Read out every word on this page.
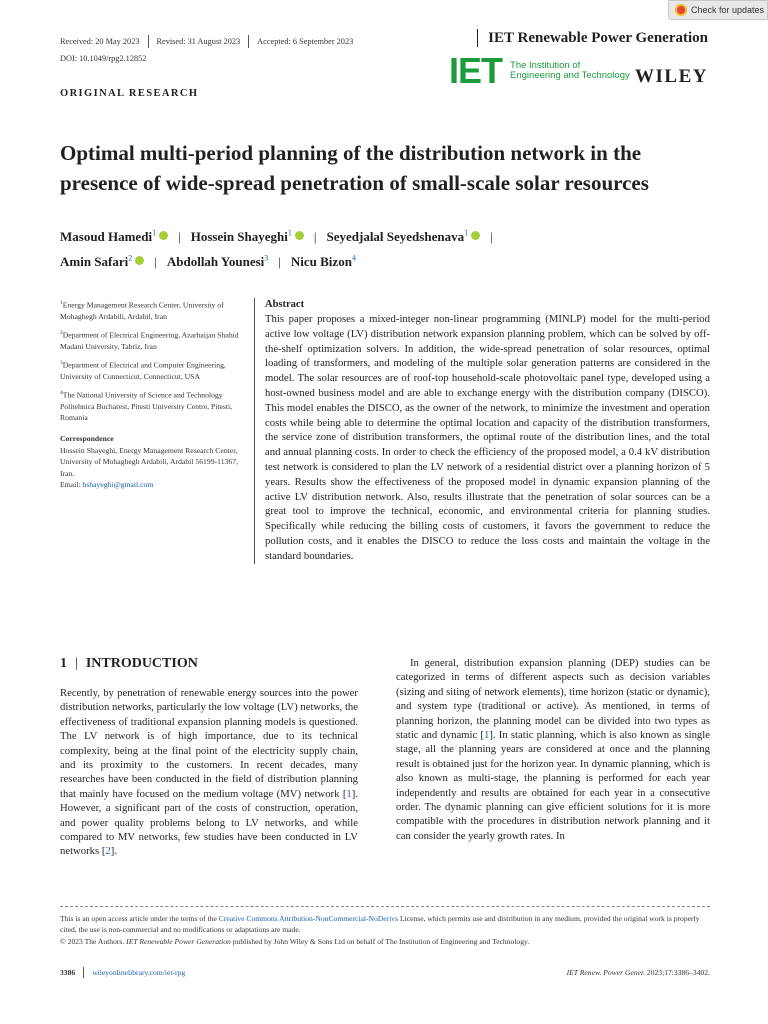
Check for updates
Received: 20 May 2023	Revised: 31 August 2023	Accepted: 6 September 2023
DOI: 10.1049/rpg2.12852
IET Renewable Power Generation
IET The Institution of
Engineering and Technology WILEY
ORIGINAL RESEARCH
Optimal multi-period planning of the distribution network in the presence of wide-spread penetration of small-scale solar resources
Masoud Hamedi$^1$ | Hossein Shayeghi$^1$ | Seyedjalal Seyedshenava$^1$ |
Amin Safari$^2$ | Abdollah Younesi$^3$ | Nicu Bizon$^4$
$^1$Energy Management Research Center, University of Mohaghegh Ardabili, Ardabil, Iran
$^2$Department of Electrical Engineering, Azarbaijan Shahid Madani University, Tabriz, Iran
$^3$Department of Electrical and Computer Engineering, University of Connecticut, Connecticut, USA
$^4$The National University of Science and Technology Politehnica Bucharest, Pitesti University Centre, Pitesti, Romania
Correspondence
Hossein Shayeghi, Energy Management Research Center, University of Mohaghegh Ardabili, Ardabil 56199-11367, Iran.
Email: hshayeghi@gmail.com
Abstract

This paper proposes a mixed-integer non-linear programming (MINLP) model for the multi-period active low voltage (LV) distribution network expansion planning problem, which can be solved by off-the-shelf optimization solvers. In addition, the wide-spread penetration of solar resources, optimal loading of transformers, and modeling of the multiple solar generation patterns are considered in the model. The solar resources are of roof-top household-scale photovoltaic panel type, developed using a host-owned business model and are able to exchange energy with the distribution company (DISCO). This model enables the DISCO, as the owner of the network, to minimize the investment and operation costs while being able to determine the optimal location and capacity of the distribution transformers, the service zone of distribution transformers, the optimal route of the distribution lines, and the total and annual planning costs. In order to check the efficiency of the proposed model, a 0.4 kV distribution test network is considered to plan the LV network of a residential district over a planning horizon of 5 years. Results show the effectiveness of the proposed model in dynamic expansion planning of the active LV distribution network. Also, results illustrate that the penetration of solar sources can be a great tool to improve the technical, economic, and environmental criteria for planning studies. Specifically while reducing the billing costs of customers, it favors the government to reduce the pollution costs, and it enables the DISCO to reduce the loss costs and maintain the voltage in the standard boundaries.

1 | INTRODUCTION

Recently, by penetration of renewable energy sources into the power distribution networks, particularly the low voltage (LV) networks, the effectiveness of traditional expansion planning models is questioned. The LV network is of high importance, due to its technical complexity, being at the final point of the electricity supply chain, and its proximity to the customers. In recent decades, many researches have been conducted in the field of distribution planning that mainly have focused on the medium voltage (MV) network [1]. However, a significant part of the costs of construction, operation, and power quality problems belong to LV networks, and while compared to MV networks, few studies have been conducted in LV networks [2].

In general, distribution expansion planning (DEP) studies can be categorized in terms of different aspects such as decision variables (sizing and siting of network elements), time horizon (static or dynamic), and system type (traditional or active). As mentioned, in terms of planning horizon, the planning model can be divided into two types as static and dynamic [1]. In static planning, which is also known as single stage, all the planning years are considered at once and the planning result is obtained just for the horizon year. In dynamic planning, which is also known as multi-stage, the planning is performed for each year independently and results are obtained for each year in a consecutive order. The dynamic planning can give efficient solutions for it is more compatible with the procedures in distribution network planning and it can consider the yearly growth rates. In

This is an open access article under the terms of the Creative Commons Attribution-NonCommercial-NoDerivs License, which permits use and distribution in any medium, provided the original work is properly cited, the use is non-commercial and no modifications or adaptations are made.
© 2023 The Authors. IET Renewable Power Generation published by John Wiley & Sons Ltd on behalf of The Institution of Engineering and Technology.
3386	wileyonlinelibrary.com/iet-rpg	IET Renew. Power Gener. 2023;17:3386–3402.
